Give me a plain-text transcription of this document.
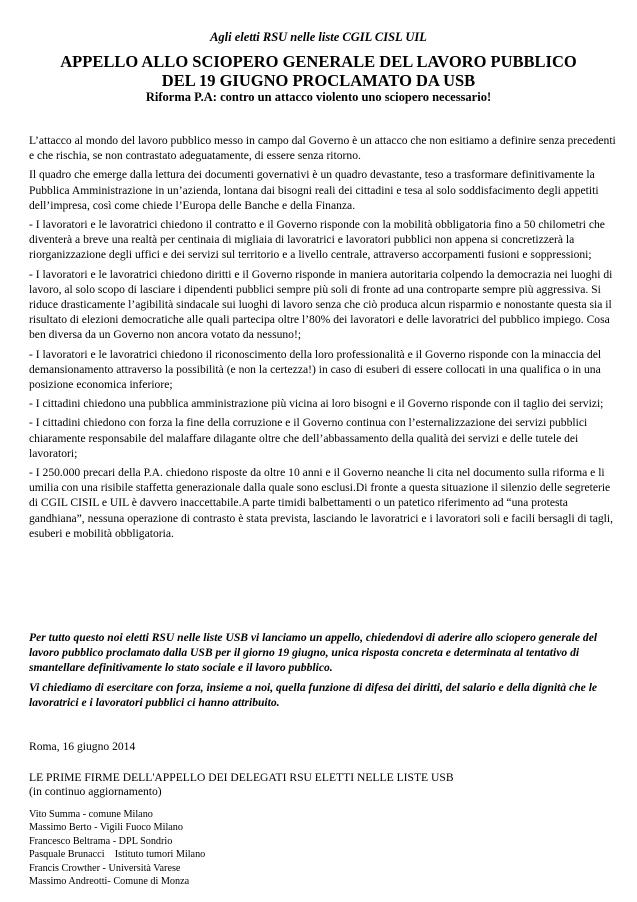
Agli eletti RSU nelle liste CGIL CISL UIL
APPELLO ALLO SCIOPERO GENERALE DEL LAVORO PUBBLICO
DEL 19 GIUGNO PROCLAMATO DA USB
Riforma P.A: contro un attacco violento uno sciopero necessario!

L’attacco al mondo del lavoro pubblico messo in campo dal Governo è un attacco che non esitiamo a definire senza precedenti e che rischia, se non contrastato adeguatamente, di essere senza ritorno.

Il quadro che emerge dalla lettura dei documenti governativi è un quadro devastante, teso a trasformare definitivamente la Pubblica Amministrazione in un’azienda, lontana dai bisogni reali dei cittadini e tesa al solo soddisfacimento degli appetiti dell’impresa, così come chiede l’Europa delle Banche e della Finanza.

- I lavoratori e le lavoratrici chiedono il contratto e il Governo risponde con la mobilità obbligatoria fino a 50 chilometri che diventerà a breve una realtà per centinaia di migliaia di lavoratrici e lavoratori pubblici non appena si concretizzerà la riorganizzazione degli uffici e dei servizi sul territorio e a livello centrale, attraverso accorpamenti fusioni e soppressioni;

- I lavoratori e le lavoratrici chiedono diritti e il Governo risponde in maniera autoritaria colpendo la democrazia nei luoghi di lavoro, al solo scopo di lasciare i dipendenti pubblici sempre più soli di fronte ad una controparte sempre più aggressiva. Si riduce drasticamente l’agibilità sindacale sui luoghi di lavoro senza che ciò produca alcun risparmio e nonostante questa sia il risultato di elezioni democratiche alle quali partecipa oltre l’80% dei lavoratori e delle lavoratrici del pubblico impiego. Cosa ben diversa da un Governo non ancora votato da nessuno!;

- I lavoratori e le lavoratrici chiedono il riconoscimento della loro professionalità e il Governo risponde con la minaccia del demansionamento attraverso la possibilità (e non la certezza!) in caso di esuberi di essere collocati in una qualifica o in una posizione economica inferiore;

- I cittadini chiedono una pubblica amministrazione più vicina ai loro bisogni e il Governo risponde con il taglio dei servizi;

- I cittadini chiedono con forza la fine della corruzione e il Governo continua con l’esternalizzazione dei servizi pubblici chiaramente responsabile del malaffare dilagante oltre che dell’abbassamento della qualità dei servizi e delle tutele dei lavoratori;

- I 250.000 precari della P.A. chiedono risposte da oltre 10 anni e il Governo neanche li cita nel documento sulla riforma e li umilia con una risibile staffetta generazionale dalla quale sono esclusi.Di fronte a questa situazione il silenzio delle segreterie di CGIL CISIL e UIL è davvero inaccettabile.A parte timidi balbettamenti o un patetico riferimento ad “una protesta gandhiana”, nessuna operazione di contrasto è stata prevista, lasciando le lavoratrici e i lavoratori soli e facili bersagli di tagli, esuberi e mobilità obbligatoria.

Per tutto questo noi eletti RSU nelle liste USB vi lanciamo un appello, chiedendovi di aderire allo sciopero generale del lavoro pubblico proclamato dalla USB per il giorno 19 giugno, unica risposta concreta e determinata al tentativo di smantellare definitivamente lo stato sociale e il lavoro pubblico.

Vi chiediamo di esercitare con forza, insieme a noi, quella funzione di difesa dei diritti, del salario e della dignità che le lavoratrici e i lavoratori pubblici ci hanno attribuito.

Roma, 16 giugno 2014
LE PRIME FIRME DELL'APPELLO DEI DELEGATI RSU ELETTI NELLE LISTE USB
(in continuo aggiornamento)
Vito Summa - comune Milano
Massimo Berto - Vigili Fuoco Milano
Francesco Beltrama - DPL Sondrio
Pasquale Brunacci    Istituto tumori Milano
Francis Crowther - Università Varese
Massimo Andreotti- Comune di Monza
